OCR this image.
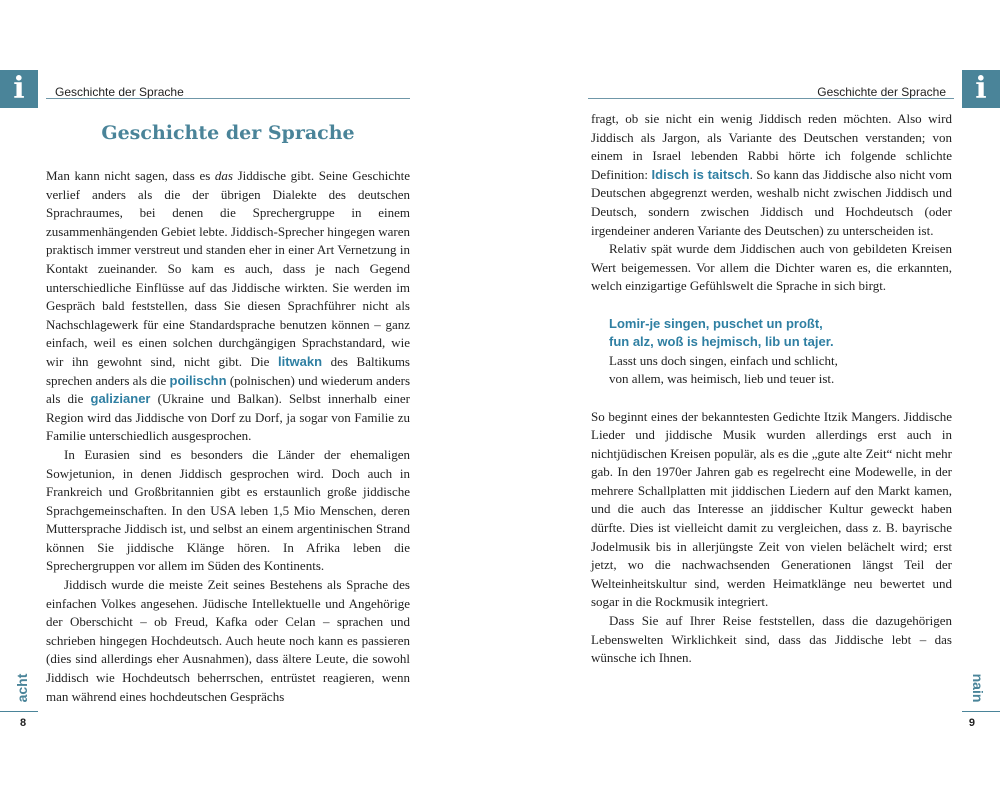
i	Geschichte der Sprache
Geschichte der Sprache

Man kann nicht sagen, dass es das Jiddische gibt. Seine Geschichte verlief anders als die der übrigen Dialekte des deutschen Sprachraumes, bei denen die Sprechergruppe in einem zusammenhängenden Gebiet lebte. Jiddisch-Sprecher hingegen waren praktisch immer verstreut und standen eher in einer Art Vernetzung in Kontakt zueinander. So kam es auch, dass je nach Gegend unterschiedliche Einflüsse auf das Jiddische wirkten. Sie werden im Gespräch bald feststellen, dass Sie diesen Sprachführer nicht als Nachschlagewerk für eine Standardsprache benutzen können – ganz einfach, weil es einen solchen durchgängigen Sprachstandard, wie wir ihn gewohnt sind, nicht gibt. Die litwakn des Baltikums sprechen anders als die poilischn (polnischen) und wiederum anders als die galizianer (Ukraine und Balkan). Selbst innerhalb einer Region wird das Jiddische von Dorf zu Dorf, ja sogar von Familie zu Familie unterschiedlich ausgesprochen.

In Eurasien sind es besonders die Länder der ehemaligen Sowjetunion, in denen Jiddisch gesprochen wird. Doch auch in Frankreich und Großbritannien gibt es erstaunlich große jiddische Sprachgemeinschaften. In den USA leben 1,5 Mio Menschen, deren Muttersprache Jiddisch ist, und selbst an einem argentinischen Strand können Sie jiddische Klänge hören. In Afrika leben die Sprechergruppen vor allem im Süden des Kontinents.

Jiddisch wurde die meiste Zeit seines Bestehens als Sprache des einfachen Volkes angesehen. Jüdische Intellektuelle und Angehörige der Oberschicht – ob Freud, Kafka oder Celan – sprachen und schrieben hingegen Hochdeutsch. Auch heute noch kann es passieren (dies sind allerdings eher Ausnahmen), dass ältere Leute, die sowohl Jiddisch wie Hochdeutsch beherrschen, entrüstet reagieren, wenn man während eines hochdeutschen Gesprächs

acht
8
i
Geschichte der Sprache

fragt, ob sie nicht ein wenig Jiddisch reden möchten. Also wird Jiddisch als Jargon, als Variante des Deutschen verstanden; von einem in Israel lebenden Rabbi hörte ich folgende schlichte Definition: Idisch is taitsch. So kann das Jiddische also nicht vom Deutschen abgegrenzt werden, weshalb nicht zwischen Jiddisch und Deutsch, sondern zwischen Jiddisch und Hochdeutsch (oder irgendeiner anderen Variante des Deutschen) zu unterscheiden ist.

Relativ spät wurde dem Jiddischen auch von gebildeten Kreisen Wert beigemessen. Vor allem die Dichter waren es, die erkannten, welch einzigartige Gefühlswelt die Sprache in sich birgt.

Lomir-je singen, puschet un proßt,
fun alz, woß is hejmisch, lib un tajer.
Lasst uns doch singen, einfach und schlicht,
von allem, was heimisch, lieb und teuer ist.

So beginnt eines der bekanntesten Gedichte Itzik Mangers. Jiddische Lieder und jiddische Musik wurden allerdings erst auch in nichtjüdischen Kreisen populär, als es die „gute alte Zeit“ nicht mehr gab. In den 1970er Jahren gab es regelrecht eine Modewelle, in der mehrere Schallplatten mit jiddischen Liedern auf den Markt kamen, und die auch das Interesse an jiddischer Kultur geweckt haben dürfte. Dies ist vielleicht damit zu vergleichen, dass z. B. bayrische Jodelmusik bis in allerjüngste Zeit von vielen belächelt wird; erst jetzt, wo die nachwachsenden Generationen längst Teil der Welteinheitskultur sind, werden Heimatklänge neu bewertet und sogar in die Rockmusik integriert.

Dass Sie auf Ihrer Reise feststellen, dass die dazugehörigen Lebenswelten Wirklichkeit sind, dass das Jiddische lebt – das wünsche ich Ihnen.

nain
9
